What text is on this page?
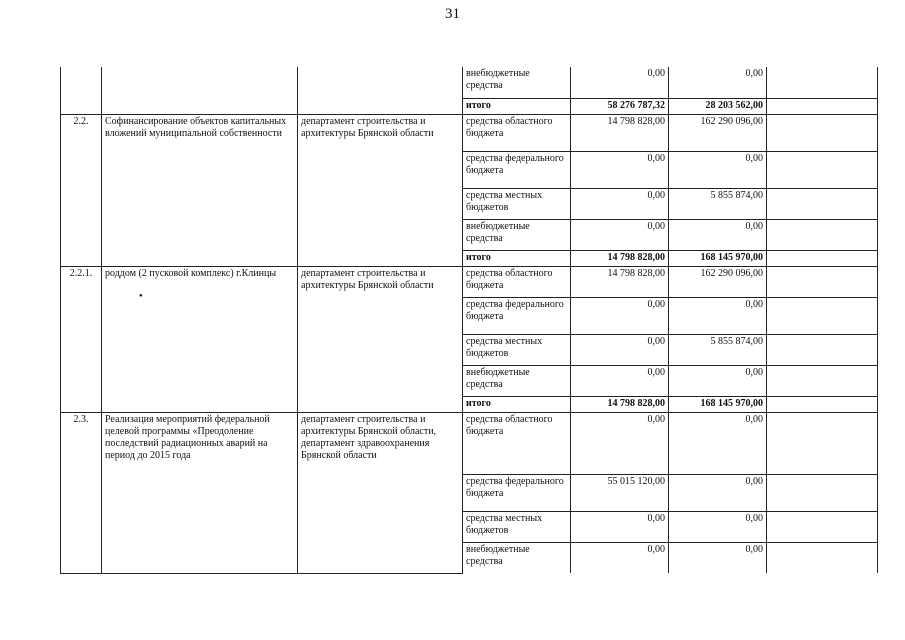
31
			внебюджетные средства	0,00	0,00	
			итого	58 276 787,32	28 203 562,00	
2.2.	Софинансирование объектов капитальных вложений муниципальной собственности	департамент строительства и архитектуры Брянской области	средства областного бюджета	14 798 828,00	162 290 096,00	
			средства федерального бюджета	0,00	0,00	
			средства местных бюджетов	0,00	5 855 874,00	
			внебюджетные средства	0,00	0,00	
			итого	14 798 828,00	168 145 970,00	
2.2.1.	роддом (2 пусковой комплекс) г.Клинцы	департамент строительства и архитектуры Брянской области	средства областного бюджета	14 798 828,00	162 290 096,00	
			средства федерального бюджета	0,00	0,00	
			средства местных бюджетов	0,00	5 855 874,00	
			внебюджетные средства	0,00	0,00	
			итого	14 798 828,00	168 145 970,00	
2.3.	Реализация мероприятий федеральной целевой программы «Преодоление последствий радиационных аварий на период до 2015 года	департамент строительства и архитектуры Брянской области, департамент здравоохранения Брянской области	средства областного бюджета	0,00	0,00	
			средства федерального бюджета	55 015 120,00	0,00	
			средства местных бюджетов	0,00	0,00	
			внебюджетные средства	0,00	0,00	
●
